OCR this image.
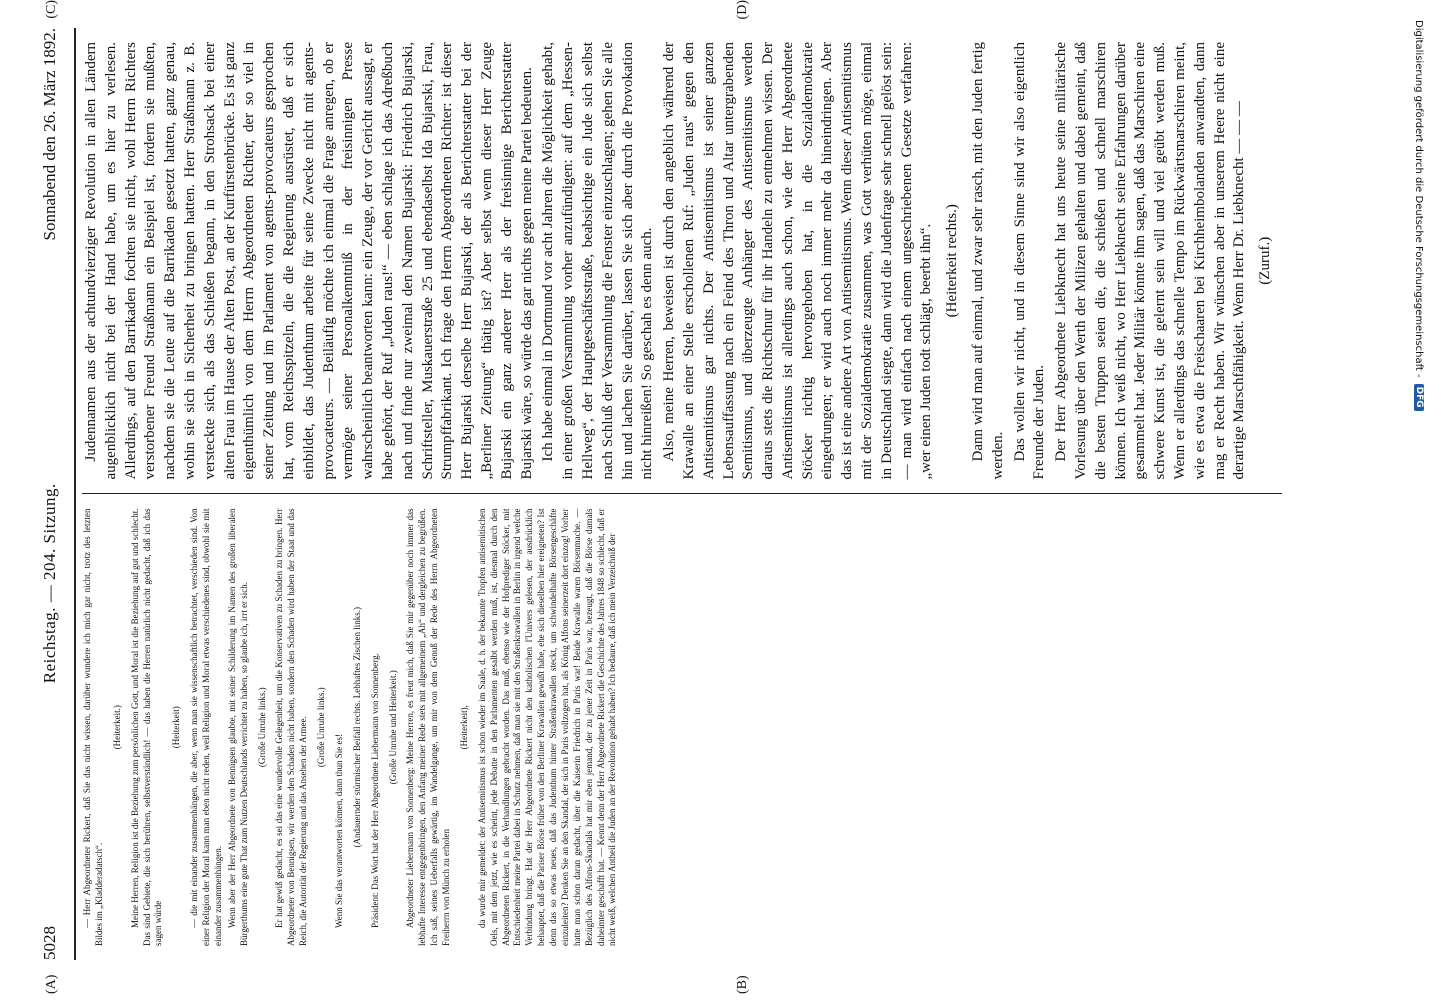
5028
Reichstag. — 204. Sitzung.
Sonnabend den 26. März 1892.

— Herr Abgeordneter Rickert, daß Sie das nicht wissen, darüber wundere ich mich gar nicht, trotz des letzten Bildes im „Kladderadatsch“.

(Heiterkeit.) Meine Herren, Religion ist die Beziehung zum persönlichen Gott, und Moral ist die Beziehung auf gut und schlecht. Das sind Gebiete, die sich berühren, selbstverständlich! — das haben die Herren natürlich nicht gedacht, daß ich das sagen würde

(Heiterkeit) — die mit einander zusammenhängen, die aber, wenn man sie wissenschaftlich betrachtet, verschieden sind. Von einer Religion der Moral kann man eben nicht reden, weil Religion und Moral etwas verschiedenes sind, obwohl sie mit einander zusammenhängen. Wenn aber der Herr Abgeordnete von Bennigsen glaubte, mit seiner Schilderung im Namen des großen liberalen Bürgerthums eine gute That zum Nutzen Deutschlands verrichtet zu haben, so glaube ich, irrt er sich. (Große Unruhe links.) Er hat gewiß gedacht, es sei das eine wundervolle Gelegenheit, um die Konservativen zu Schaden zu bringen. Herr Abgeordneter von Bennigsen, wir werden den Schaden nicht haben, sondern den Schaden wird haben der Staat und das Reich, die Autorität der Regierung und das Ansehen der Armee. (Große Unruhe links.)

Wenn Sie das verantworten können, dann thun Sie es! (Andauernder stürmischer Beifall rechts. Lebhaftes Zischen links.) Präsident: Das Wort hat der Herr Abgeordnete Liebermann von Sonnenberg. (Große Unruhe und Heiterkeit.) Abgeordneter Liebermann von Sonnenberg: Meine Herren, es freut mich, daß Sie mir gegenüber noch immer das lebhafte Interesse entgegenbringen, den Anfang meiner Rede stets mit allgemeinem „Ah“ und dergleichen zu begrüßen. Ich saß, seines Ueberfalls gewärtig, im Wandelgange, um mir von dem Genuß der Rede des Herrn Abgeordneten Freiherrn von Münch zu erholen

(Heiterkeit), da wurde mir gemeldet: der Antisemitismus ist schon wieder im Saale, d. h. der bekannte Tropfen antisemitischen Oels, mit dem jetzt, wie es scheint, jede Debatte in den Parlamenten gesalbt werden muß, ist, diesmal durch den Abgeordneten Rickert, in die Verhandlungen gebracht worden. Das muß, ebenso wie der Hofprediger Stöcker, mit Entschiedenheit meine Partei dabei in Schutz nehmen, daß man sie mit den Straßenkrawallen in Berlin in irgend welche Verbindung bringt. Hat der Herr Abgeordnete Rickert nicht den katholischen l'Univers gelesen, der ausdrücklich behauptet, daß die Pariser Börse früher von den Berliner Krawallen gewußt habe, ehe sich dieselben hier ereigneten? Ist denn das so etwas neues, daß das Judenthum hinter Straßenkrawallen steckt, um schwindelhafte Börsengeschäfte einzuleiten? Denken Sie an den Skandal, der sich in Paris vollzogen hat, als König Alfons seinerzeit dort einzog! Vorher hatte man schon daran gedacht, über die Kaiserin Friedrich in Paris war! Beide Krawalle waren Börsenmache. — Bezüglich des Alfons-Skandals hat mir eben jemand, der zu jener Zeit in Paris war, bezeugt, daß die Börse damals daheimter geschafft hat. — Kennt denn der Herr Abgeordnete Rickert die Geschichte des Jahres 1848 so schlecht, daß er nicht weiß, welchen Antheil die Juden an der Revolution gehabt haben? Ich bedaure, daß ich mein Verzeichniß der

Judennamen aus der achtundvierziger Revolution in allen Ländern augenblicklich nicht bei der Hand habe, um es hier zu verlesen. Allerdings, auf den Barrikaden fochten sie nicht, wohl Herrn Richters verstorbener Freund Straßmann ein Beispiel ist, fordern sie mußten, nachdem sie die Leute auf die Barrikaden gesetzt hatten, ganz genau, wohin sie sich in Sicherheit zu bringen hatten. Herr Straßmann z. B. versteckte sich, als das Schießen begann, in den Strohsack bei einer alten Frau im Hause der Alten Post, an der Kurfürstenbrücke. Es ist ganz eigenthümlich von dem Herrn Abgeordneten Richter, der so viel in seiner Zeitung und im Parlament von agents-provocateurs gesprochen hat, vom Reichsspitzeln, die die Regierung ausrüstet, daß er sich einbildet, das Judenthum arbeite für seine Zwecke nicht mit agents-provocateurs. — Beiläufig möchte ich einmal die Frage anregen, ob er vermöge seiner Personalkenntniß in der freisinnigen Presse wahrscheinlich beantworten kann: ein Zeuge, der vor Gericht aussagt, er habe gehört, der Ruf „Juden raus!“ — eben schlage ich das Adreßbuch nach und finde nur zweimal den Namen Bujarski: Friedrich Bujarski, Schriftsteller, Muskauerstraße 25 und ebendaselbst Ida Bujarski, Frau, Strumpffabrikant. Ich frage den Herrn Abgeordneten Richter: ist dieser Herr Bujarski derselbe Herr Bujarski, der als Berichterstatter bei der „Berliner Zeitung“ thätig ist? Aber selbst wenn dieser Herr Zeuge Bujarski ein ganz anderer Herr als der freisinnige Berichterstatter Bujarski wäre, so würde das gar nichts gegen meine Partei bedeuten. Ich habe einmal in Dortmund vor acht Jahren die Möglichkeit gehabt, in einer großen Versammlung vorher anzufündigen: auf dem „Hessen-Hellweg“, der Hauptgeschäftsstraße, beabsichtige ein Jude sich selbst nach Schluß der Versammlung die Fenster einzuschlagen; gehen Sie alle hin und lachen Sie darüber, lassen Sie sich aber durch die Provokation nicht hinreißen! So geschah es denn auch. Also, meine Herren, beweisen ist durch den angeblich während der Krawalle an einer Stelle erschollenen Ruf: „Juden raus“ gegen den Antisemitismus gar nichts. Der Antisemitismus ist seiner ganzen Lebensauffassung nach ein Feind des Thron und Altar untergrabenden Semitismus, und überzeugte Anhänger des Antisemitismus werden daraus stets die Richtschnur für ihr Handeln zu entnehmen wissen. Der Antisemitismus ist allerdings auch schon, wie der Herr Abgeordnete Stöcker richtig hervorgehoben hat, in die Sozialdemokratie eingedrungen; er wird auch noch immer mehr da hineindringen. Aber das ist eine andere Art von Antisemitismus. Wenn dieser Antisemitismus mit der Sozialdemokratie zusammen, was Gott verhüten möge, einmal in Deutschland siegte, dann wird die Judenfrage sehr schnell gelöst sein: — man wird einfach nach einem ungeschriebenen Gesetze verfahren: „wer einen Juden todt schlägt, beerbt ihn“. (Heiterkeit rechts.) Dann wird man auf einmal, und zwar sehr rasch, mit den Juden fertig werden. Das wollen wir nicht, und in diesem Sinne sind wir also eigentlich Freunde der Juden. Der Herr Abgeordnete Liebknecht hat uns heute seine militärische Vorlesung über den Werth der Milizen gehalten und dabei gemeint, daß die besten Truppen seien die, die schießen und schnell marschiren können. Ich weiß nicht, wo Herr Liebknecht seine Erfahrungen darüber gesammelt hat. Jeder Militär könnte ihm sagen, daß das Marschiren eine schwere Kunst ist, die gelernt sein will und viel geübt werden muß. Wenn er allerdings das schnelle Tempo im Rückwärtsmarschiren meint, wie es etwa die Freischaaren bei Kirchheimbolanden anwandten, dann mag er Recht haben. Wir wünschen aber in unserem Heere nicht eine derartige Marschfähigkeit. Wenn Herr Dr. Liebknecht — — — (Zuruf.)

(A)	(B)
(C)	(D)
Digitalisierung gefördert durch die Deutsche Forschungsgemeinschaft -
DFG
